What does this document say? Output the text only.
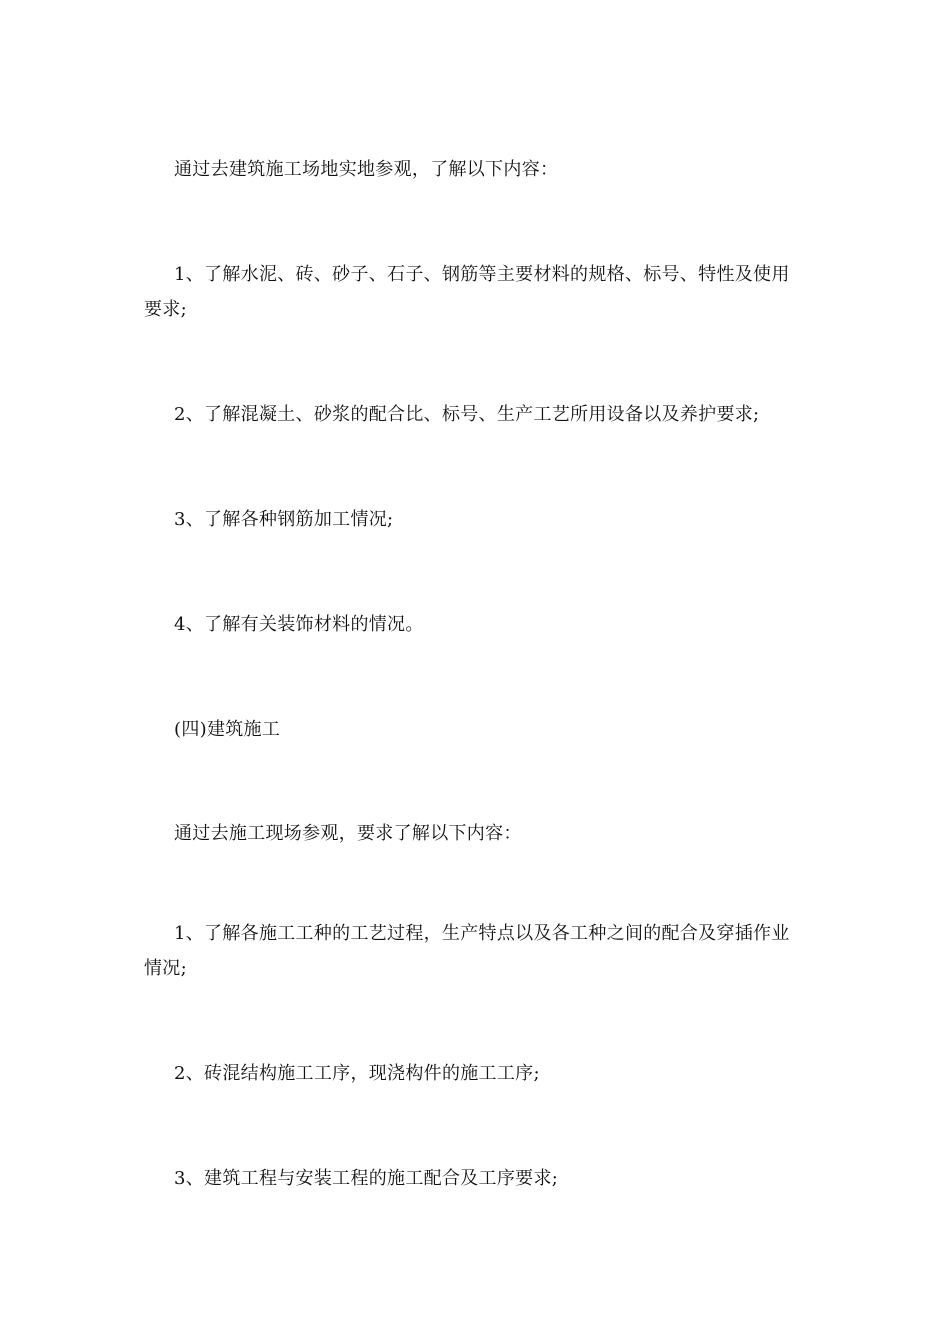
通过去建筑施工场地实地参观，了解以下内容：

1、了解水泥、砖、砂子、石子、钢筋等主要材料的规格、标号、特性及使用要求;

2、了解混凝土、砂浆的配合比、标号、生产工艺所用设备以及养护要求;

3、了解各种钢筋加工情况;

4、了解有关装饰材料的情况。

(四)建筑施工

通过去施工现场参观，要求了解以下内容：

1、了解各施工工种的工艺过程，生产特点以及各工种之间的配合及穿插作业情况;

2、砖混结构施工工序，现浇构件的施工工序;

3、建筑工程与安装工程的施工配合及工序要求;
